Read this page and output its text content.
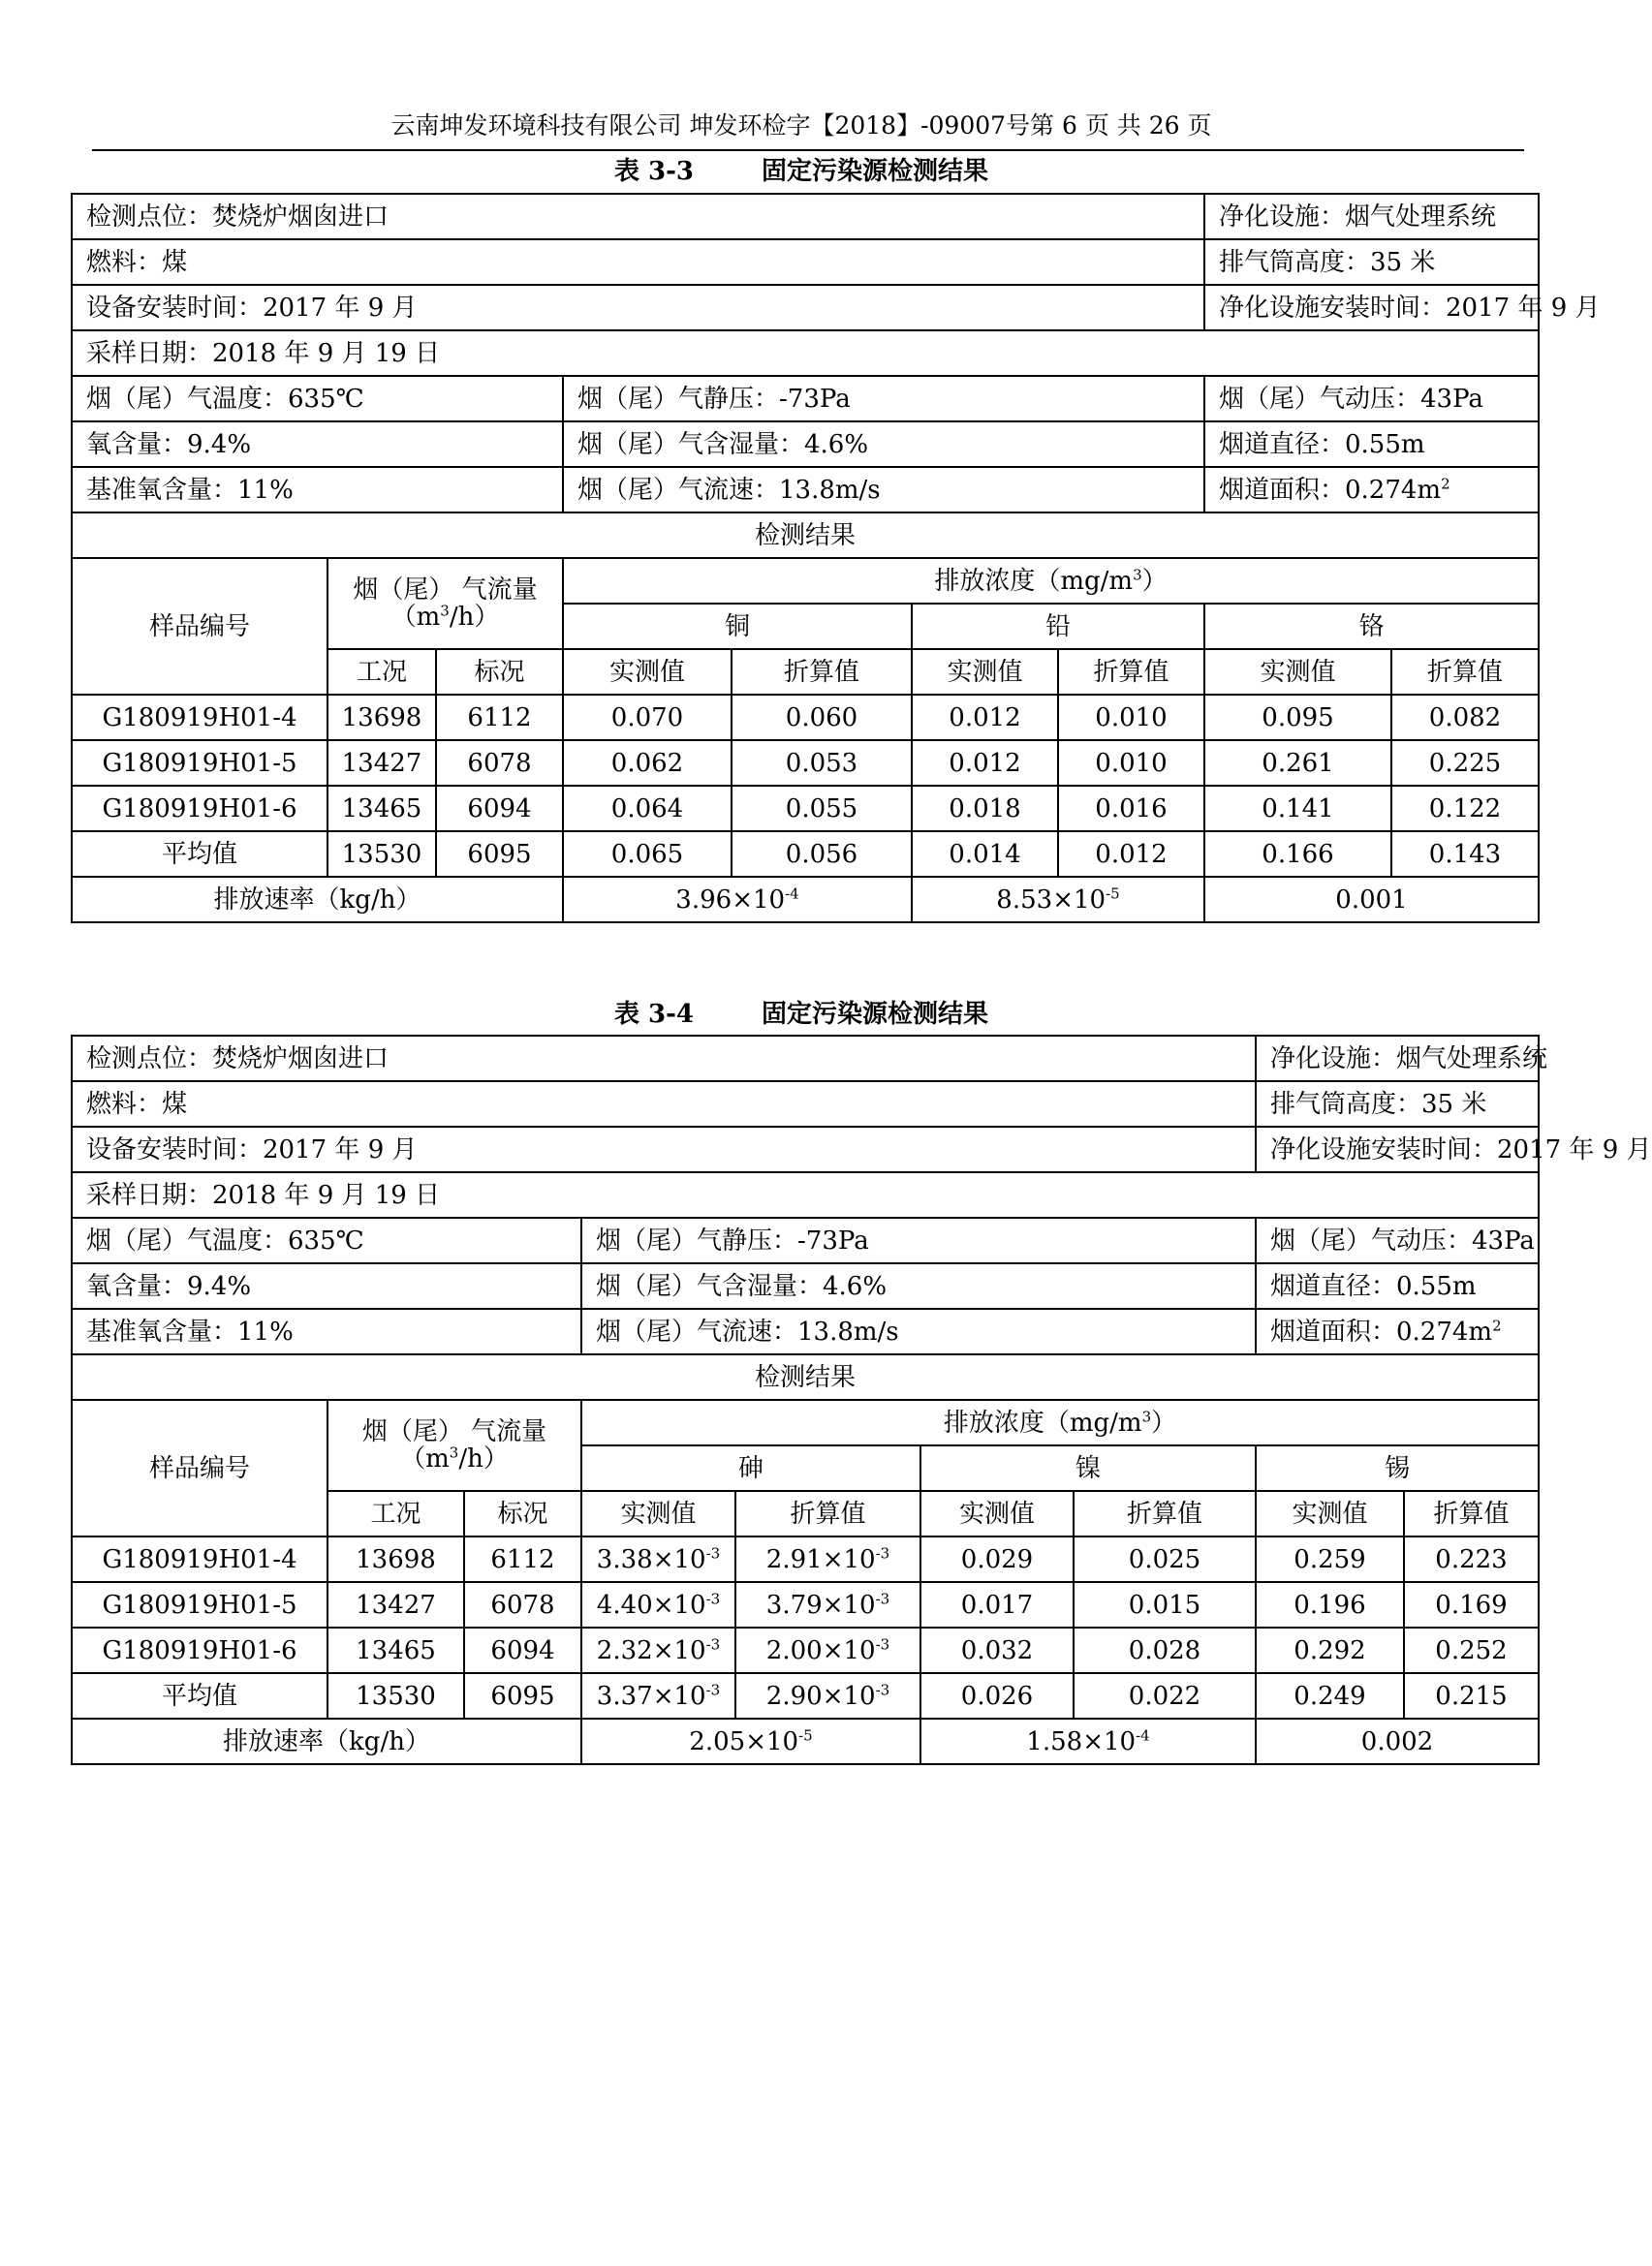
云南坤发环境科技有限公司 坤发环检字【2018】-09007号第 6 页 共 26 页
表 3-3	固定污染源检测结果
检测点位：焚烧炉烟囱进口							净化设施：烟气处理系统	
燃料：煤							排气筒高度：35 米	
设备安装时间：2017 年 9 月							净化设施安装时间：2017 年 9 月	
采样日期：2018 年 9 月 19 日								
烟（尾）气温度：635℃			烟（尾）气静压：-73Pa				烟（尾）气动压：43Pa	
氧含量：9.4%			烟（尾）气含湿量：4.6%				烟道直径：0.55m	
基准氧含量：11%			烟（尾）气流速：13.8m/s				烟道面积：$0.274m^2$
检测结果								
样品编号	烟（尾） 气流量
$(m^3/h)$		排放浓度$(mg/m^3)$					
			铜		铅		铬	
	工况	标况	实测值	折算值	实测值	折算值	实测值	折算值
G180919H01-4	13698	6112	0.070	0.060	0.012	0.010	0.095	0.082
G180919H01-5	13427	6078	0.062	0.053	0.012	0.010	0.261	0.225
G180919H01-6	13465	6094	0.064	0.055	0.018	0.016	0.141	0.122
平均值	13530	6095	0.065	0.056	0.014	0.012	0.166	0.143
排放速率（kg/h）			$3.96\times 10^{-4}$		$8.53\times 10^{-5}$		0.001	
表 3-4	固定污染源检测结果
检测点位：焚烧炉烟囱进口							净化设施：烟气处理系统	
燃料：煤							排气筒高度：35 米	
设备安装时间：2017 年 9 月							净化设施安装时间：2017 年 9 月	
采样日期：2018 年 9 月 19 日								
烟（尾）气温度：635℃			烟（尾）气静压：-73Pa				烟（尾）气动压：43Pa	
氧含量：9.4%			烟（尾）气含湿量：4.6%				烟道直径：0.55m	
基准氧含量：11%			烟（尾）气流速：13.8m/s				烟道面积：$0.274m^2$
检测结果								
样品编号	烟（尾） 气流量
$(m^3/h)$		排放浓度$(mg/m^3)$					
			砷		镍		锡	
	工况	标况	实测值	折算值	实测值	折算值	实测值	折算值
G180919H01-4	13698	6112	$3.38\times 10^{-3}$	$2.91\times 10^{-3}$	0.029	0.025	0.259	0.223
G180919H01-5	13427	6078	$4.40\times 10^{-3}$	$3.79\times 10^{-3}$	0.017	0.015	0.196	0.169
G180919H01-6	13465	6094	$2.32\times 10^{-3}$	$2.00\times 10^{-3}$	0.032	0.028	0.292	0.252
平均值	13530	6095	$3.37\times 10^{-3}$	$2.90\times 10^{-3}$	0.026	0.022	0.249	0.215
排放速率（kg/h）			$2.05\times 10^{-5}$		$1.58\times 10^{-4}$		0.002	
